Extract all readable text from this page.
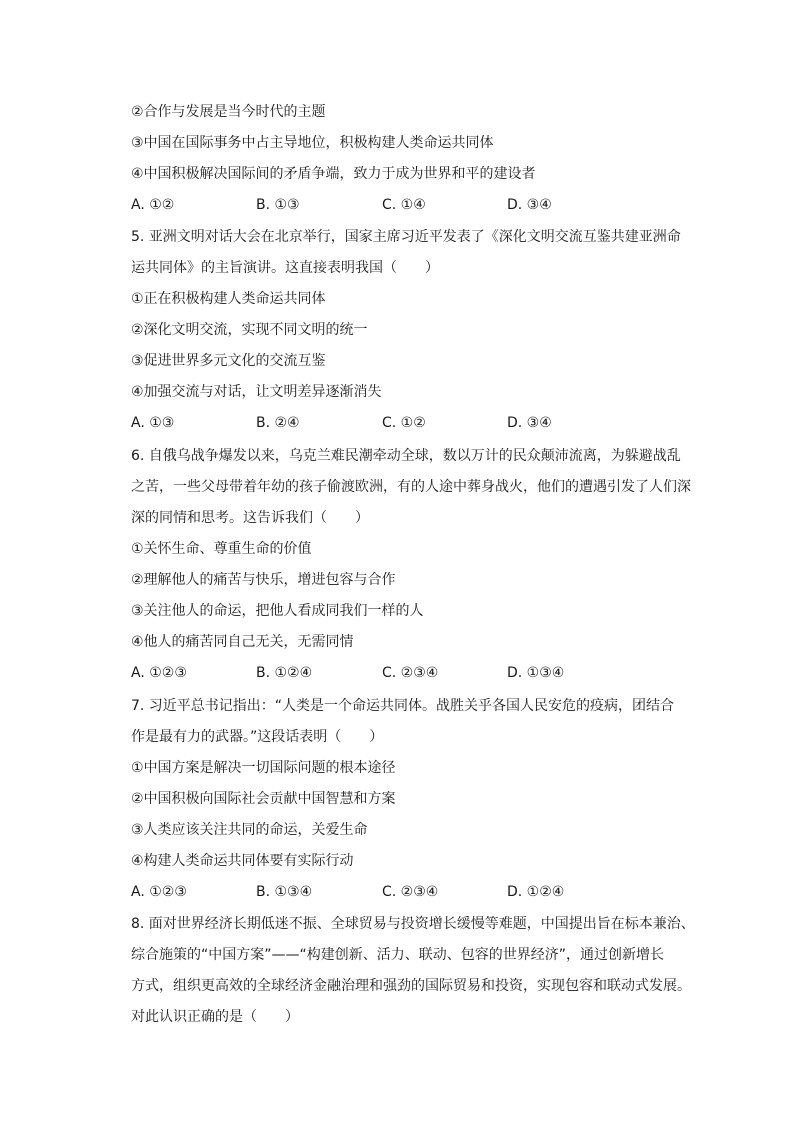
②合作与发展是当今时代的主题
③中国在国际事务中占主导地位，积极构建人类命运共同体
④中国积极解决国际间的矛盾争端，致力于成为世界和平的建设者
A. ①②	B. ①③	C. ①④	D. ③④
5. 亚洲文明对话大会在北京举行，国家主席习近平发表了《深化文明交流互鉴共建亚洲命
运共同体》的主旨演讲。这直接表明我国（　　）
①正在积极构建人类命运共同体
②深化文明交流，实现不同文明的统一
③促进世界多元文化的交流互鉴
④加强交流与对话，让文明差异逐渐消失
A. ①③	B. ②④	C. ①②	D. ③④
6. 自俄乌战争爆发以来，乌克兰难民潮牵动全球，数以万计的民众颠沛流离，为躲避战乱
之苦，一些父母带着年幼的孩子偷渡欧洲，有的人途中葬身战火，他们的遭遇引发了人们深
深的同情和思考。这告诉我们（　　）
①关怀生命、尊重生命的价值
②理解他人的痛苦与快乐，增进包容与合作
③关注他人的命运，把他人看成同我们一样的人
④他人的痛苦同自己无关，无需同情
A. ①②③	B. ①②④	C. ②③④	D. ①③④
7. 习近平总书记指出：“人类是一个命运共同体。战胜关乎各国人民安危的疫病，团结合
作是最有力的武器。”这段话表明（　　）
①中国方案是解决一切国际问题的根本途径
②中国积极向国际社会贡献中国智慧和方案
③人类应该关注共同的命运，关爱生命
④构建人类命运共同体要有实际行动
A. ①②③	B. ①③④	C. ②③④	D. ①②④
8. 面对世界经济长期低迷不振、全球贸易与投资增长缓慢等难题，中国提出旨在标本兼治、
综合施策的“中国方案”——“构建创新、活力、联动、包容的世界经济”，通过创新增长
方式，组织更高效的全球经济金融治理和强劲的国际贸易和投资，实现包容和联动式发展。
对此认识正确的是（　　）
